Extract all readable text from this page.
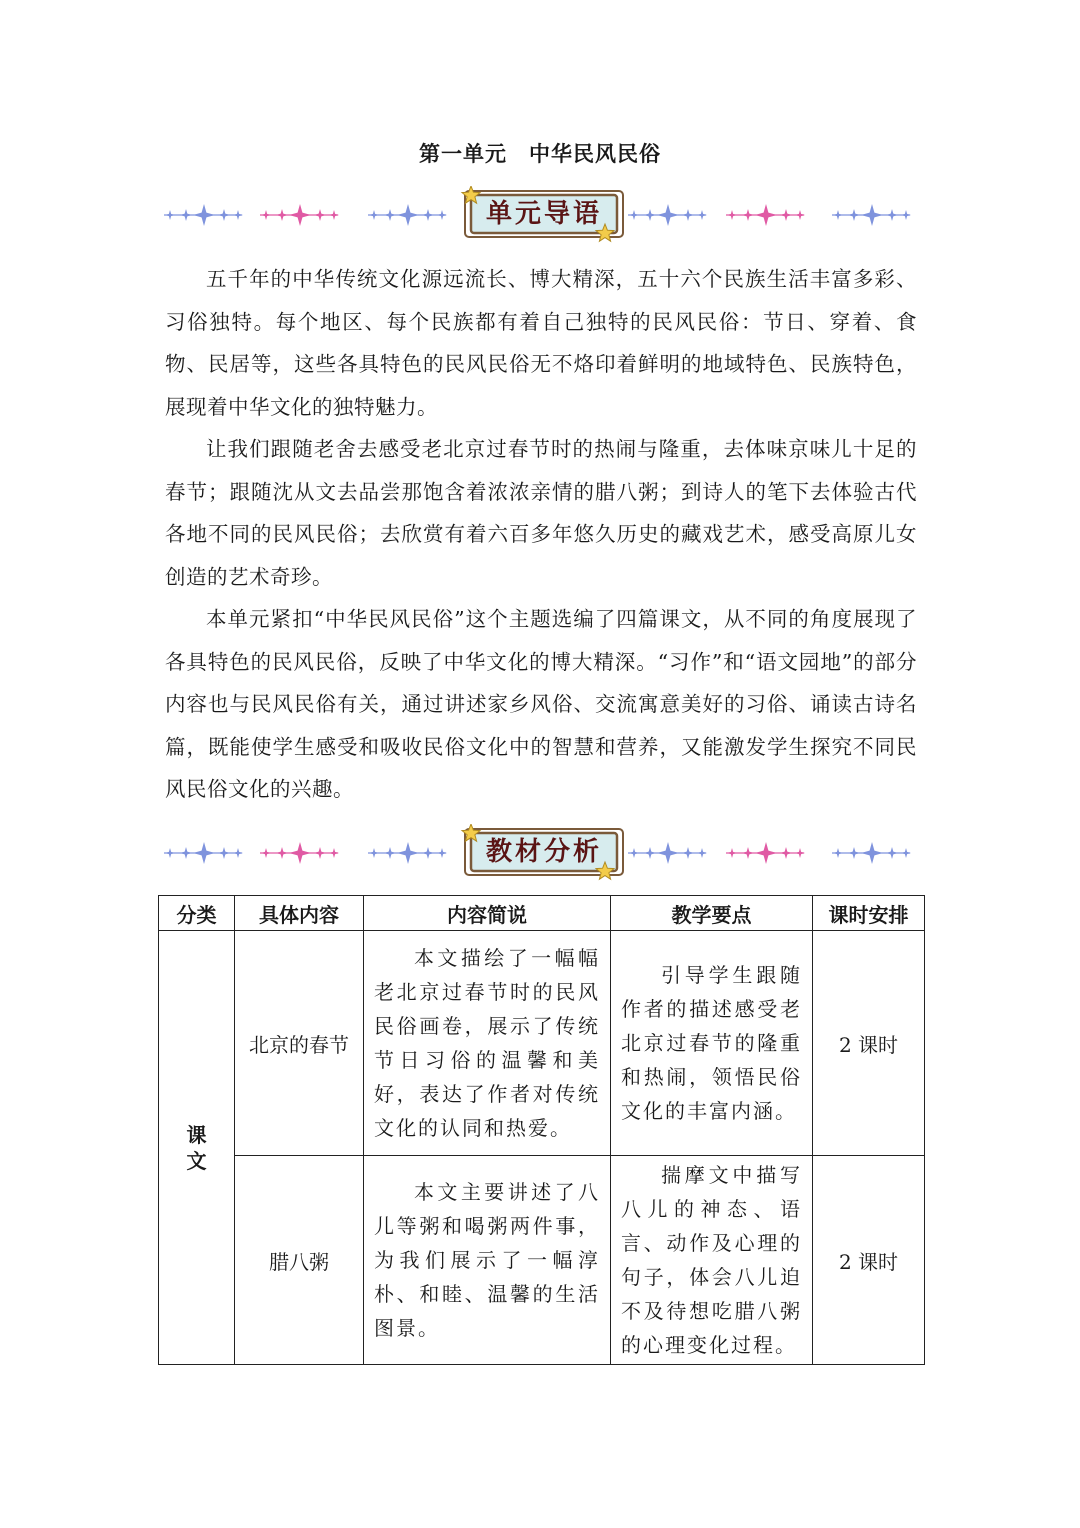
第一单元　中华民风民俗
单元导语

五千年的中华传统文化源远流长、博大精深，五十六个民族生活丰富多彩、习俗独特。每个地区、每个民族都有着自己独特的民风民俗：节日、穿着、食物、民居等，这些各具特色的民风民俗无不烙印着鲜明的地域特色、民族特色，展现着中华文化的独特魅力。

让我们跟随老舍去感受老北京过春节时的热闹与隆重，去体味京味儿十足的春节；跟随沈从文去品尝那饱含着浓浓亲情的腊八粥；到诗人的笔下去体验古代各地不同的民风民俗；去欣赏有着六百多年悠久历史的藏戏艺术，感受高原儿女创造的艺术奇珍。

本单元紧扣“中华民风民俗”这个主题选编了四篇课文，从不同的角度展现了各具特色的民风民俗，反映了中华文化的博大精深。“习作”和“语文园地”的部分内容也与民风民俗有关，通过讲述家乡风俗、交流寓意美好的习俗、诵读古诗名篇，既能使学生感受和吸收民俗文化中的智慧和营养，又能激发学生探究不同民风民俗文化的兴趣。

教材分析
分类	具体内容	内容简说	教学要点	课时安排
课文	北京的春节	本文描绘了一幅幅老北京过春节时的民风民俗画卷，展示了传统节日习俗的温馨和美好，表达了作者对传统文化的认同和热爱。	引导学生跟随作者的描述感受老北京过春节的隆重和热闹，领悟民俗文化的丰富内涵。	2 课时
	腊八粥	本文主要讲述了八儿等粥和喝粥两件事，为我们展示了一幅淳朴、和睦、温馨的生活图景。	揣摩文中描写八儿的神态、语言、动作及心理的句子，体会八儿迫不及待想吃腊八粥的心理变化过程。	2 课时
